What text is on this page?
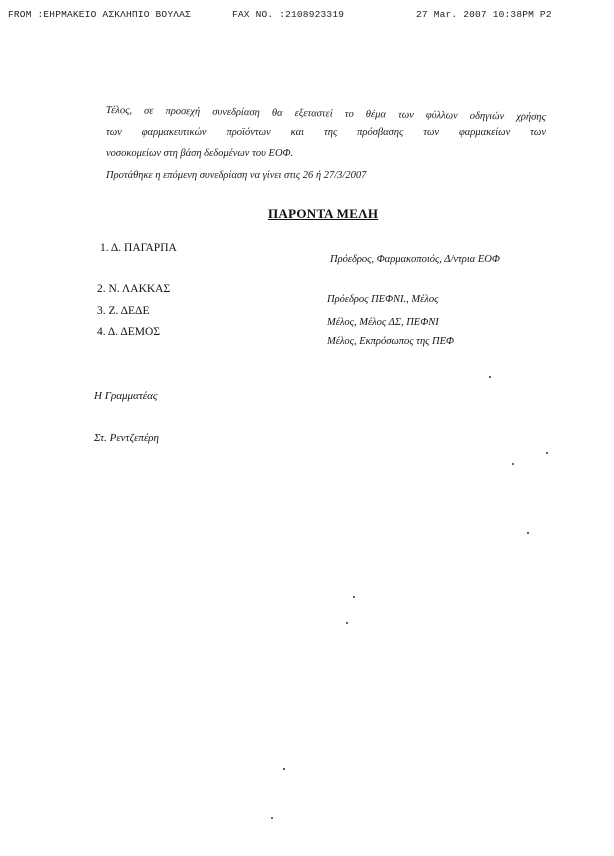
FROM :ΕΗΡΜΑΚΕΙΟ ΑΣΚΛΗΠΙΟ ΒΟΥΛΑΣ	FAX NO. :2108923319	27 Mar. 2007 10:38PM P2
Τέλος, σε προσεχή συνεδρίαση θα εξεταστεί το θέμα των φύλλων οδηγιών χρήσης
των φαρμακευτικών προϊόντων και της πρόσβασης των φαρμακείων των
νοσοκομείων στη βάση δεδομένων του ΕΟΦ.
Προτάθηκε η επόμενη συνεδρίαση να γίνει στις 26 ή 27/3/2007
ΠΑΡΟΝΤΑ ΜΕΛΗ
1. Δ. ΠΑΓΑΡΠΑ
Πρόεδρος, Φαρμακοποιός, Δ/ντρια ΕΟΦ
2. Ν. ΛΑΚΚΑΣ
Πρόεδρος ΠΕΦΝΙ., Μέλος
3. Ζ. ΔΕΔΕ
Μέλος, Μέλος ΔΣ, ΠΕΦΝΙ
4. Δ. ΔΕΜΟΣ
Μέλος, Εκπρόσωπος της ΠΕΦ
Η Γραμματέας
Στ. Ρεντζεπέρη
